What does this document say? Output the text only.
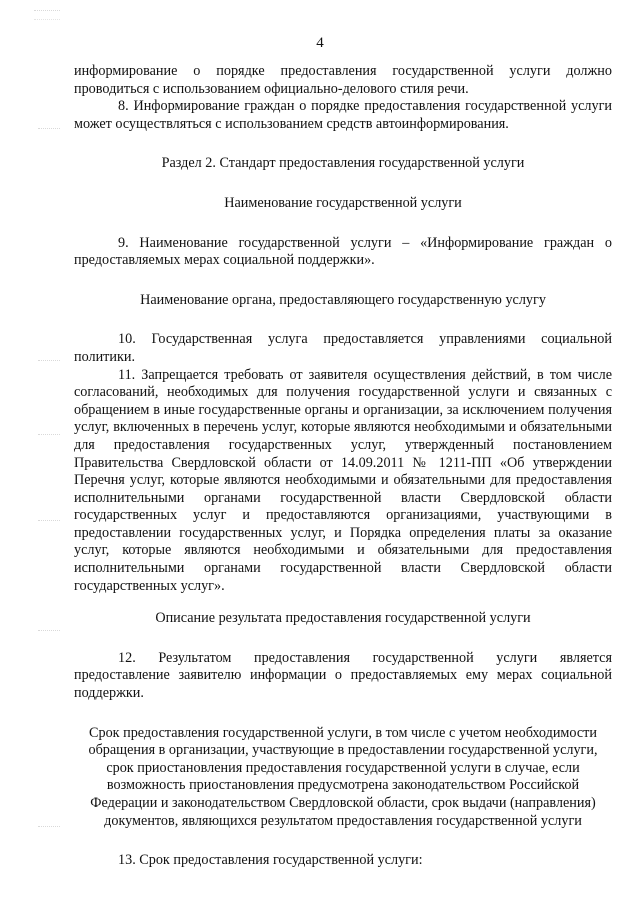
4

информирование о порядке предоставления государственной услуги должно проводиться с использованием официально-делового стиля речи.

8. Информирование граждан о порядке предоставления государственной услуги может осуществляться с использованием средств автоинформирования.

Раздел 2. Стандарт предоставления государственной услуги

Наименование государственной услуги

9. Наименование государственной услуги – «Информирование граждан о предоставляемых мерах социальной поддержки».

Наименование органа, предоставляющего государственную услугу

10. Государственная услуга предоставляется управлениями социальной политики.

11. Запрещается требовать от заявителя осуществления действий, в том числе согласований, необходимых для получения государственной услуги и связанных с обращением в иные государственные органы и организации, за исключением получения услуг, включенных в перечень услуг, которые являются необходимыми и обязательными для предоставления государственных услуг, утвержденный постановлением Правительства Свердловской области от 14.09.2011 № 1211-ПП «Об утверждении Перечня услуг, которые являются необходимыми и обязательными для предоставления исполнительными органами государственной власти Свердловской области государственных услуг и предоставляются организациями, участвующими в предоставлении государственных услуг, и Порядка определения платы за оказание услуг, которые являются необходимыми и обязательными для предоставления исполнительными органами государственной власти Свердловской области государственных услуг».

Описание результата предоставления государственной услуги

12. Результатом предоставления государственной услуги является предоставление заявителю информации о предоставляемых ему мерах социальной поддержки.

Срок предоставления государственной услуги, в том числе с учетом необходимости обращения в организации, участвующие в предоставлении государственной услуги, срок приостановления предоставления государственной услуги в случае, если возможность приостановления предусмотрена законодательством Российской Федерации и законодательством Свердловской области, срок выдачи (направления) документов, являющихся результатом предоставления государственной услуги

13. Срок предоставления государственной услуги:
